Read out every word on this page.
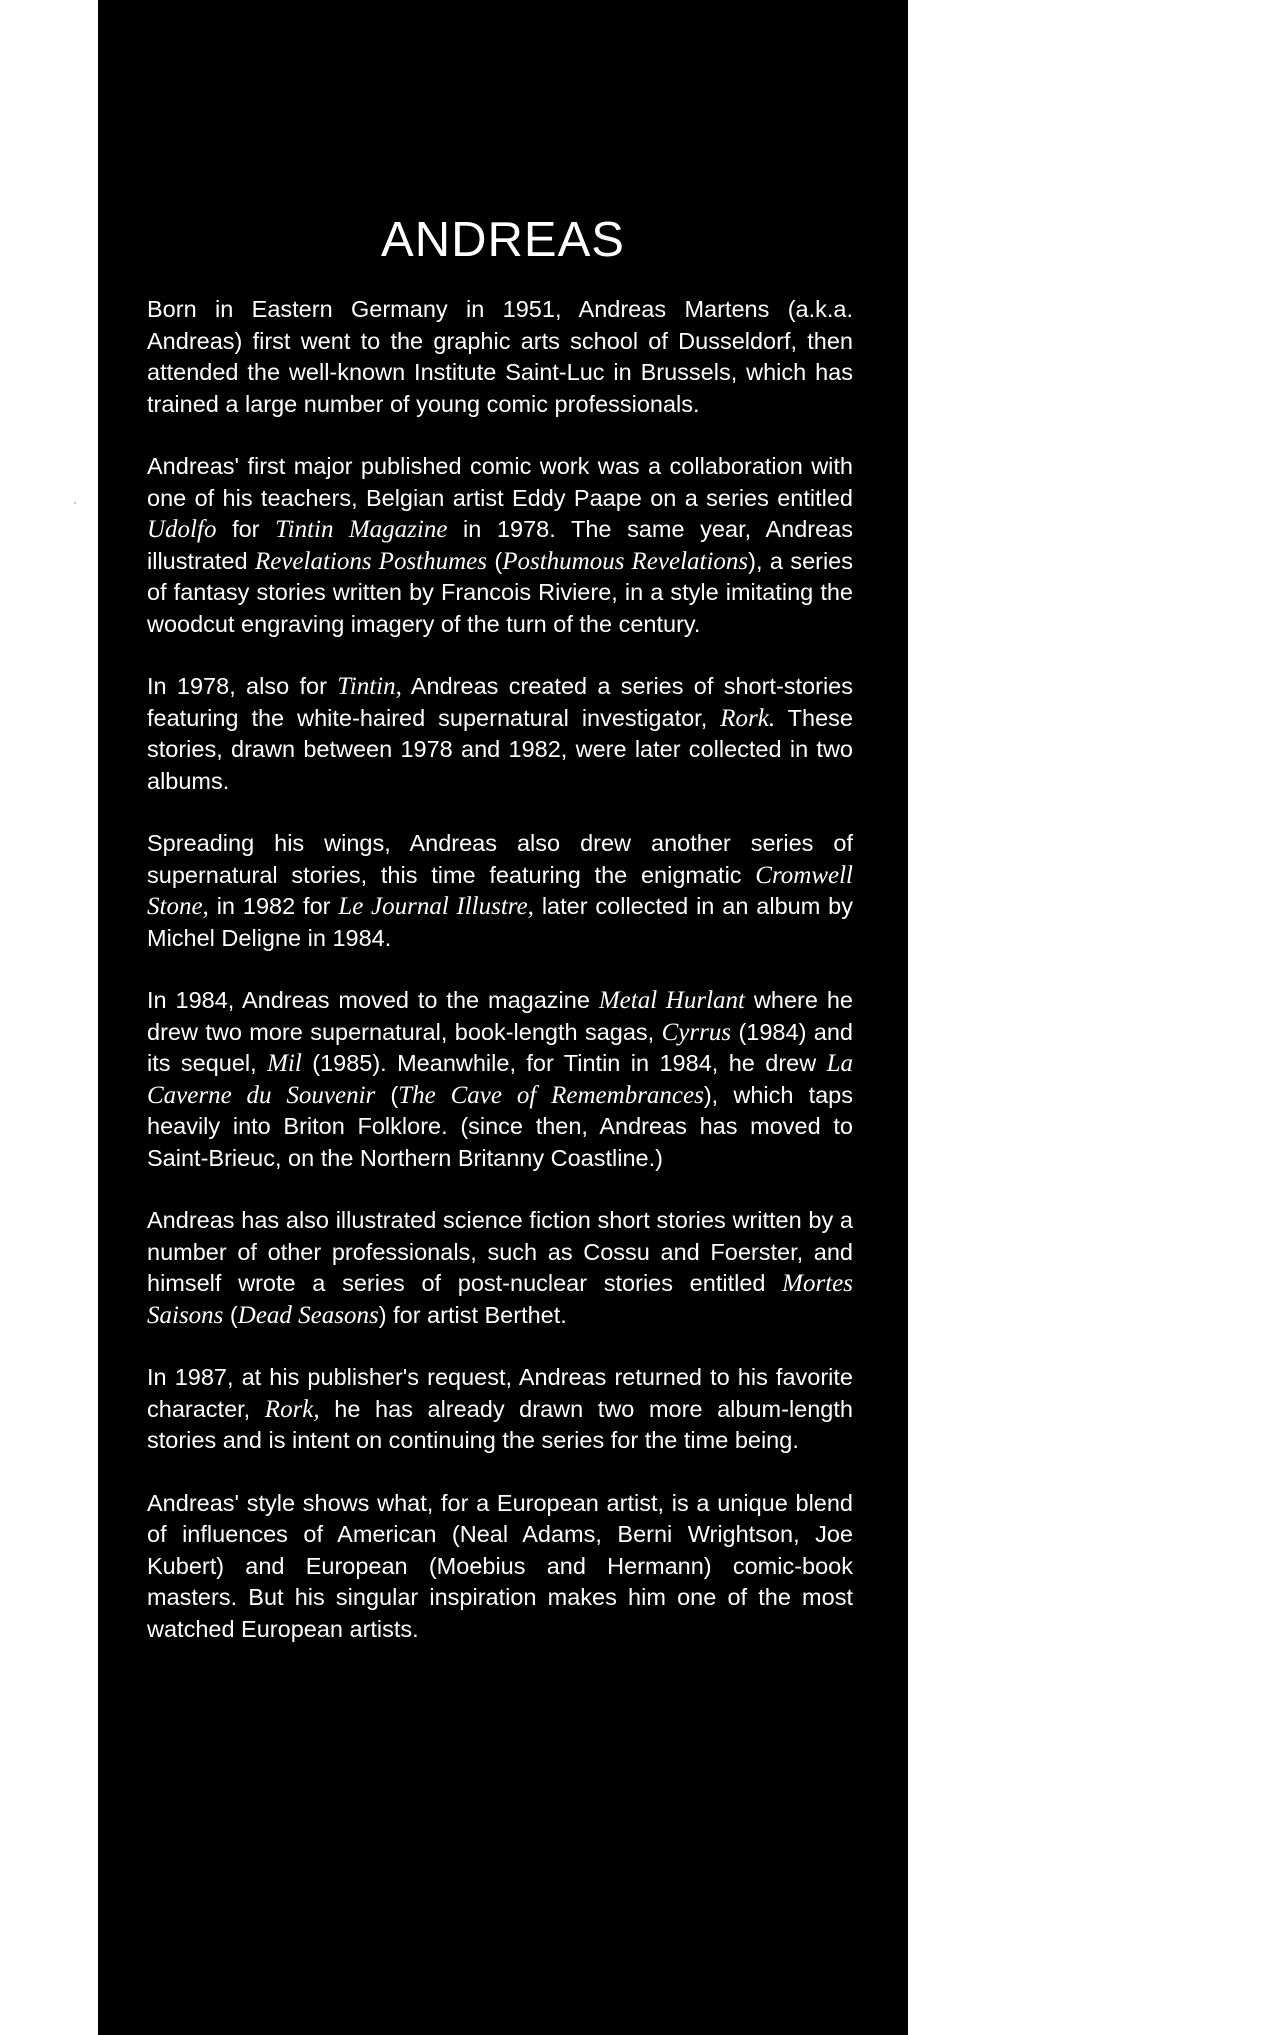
ANDREAS

Born in Eastern Germany in 1951, Andreas Martens (a.k.a. Andreas) first went to the graphic arts school of Dusseldorf, then attended the well-known Institute Saint-Luc in Brussels, which has trained a large number of young comic professionals.

Andreas' first major published comic work was a collaboration with one of his teachers, Belgian artist Eddy Paape on a series entitled Udolfo for Tintin Magazine in 1978. The same year, Andreas illustrated Revelations Posthumes (Posthumous Revelations), a series of fantasy stories written by Francois Riviere, in a style imitating the woodcut engraving imagery of the turn of the century.

In 1978, also for Tintin, Andreas created a series of short-stories featuring the white-haired supernatural investigator, Rork. These stories, drawn between 1978 and 1982, were later collected in two albums.

Spreading his wings, Andreas also drew another series of supernatural stories, this time featuring the enigmatic Cromwell Stone, in 1982 for Le Journal Illustre, later collected in an album by Michel Deligne in 1984.

In 1984, Andreas moved to the magazine Metal Hurlant where he drew two more supernatural, book-length sagas, Cyrrus (1984) and its sequel, Mil (1985). Meanwhile, for Tintin in 1984, he drew La Caverne du Souvenir (The Cave of Remembrances), which taps heavily into Briton Folklore. (since then, Andreas has moved to Saint-Brieuc, on the Northern Britanny Coastline.)

Andreas has also illustrated science fiction short stories written by a number of other professionals, such as Cossu and Foerster, and himself wrote a series of post-nuclear stories entitled Mortes Saisons (Dead Seasons) for artist Berthet.

In 1987, at his publisher's request, Andreas returned to his favorite character, Rork, he has already drawn two more album-length stories and is intent on continuing the series for the time being.

Andreas' style shows what, for a European artist, is a unique blend of influences of American (Neal Adams, Berni Wrightson, Joe Kubert) and European (Moebius and Hermann) comic-book masters. But his singular inspiration makes him one of the most watched European artists.
